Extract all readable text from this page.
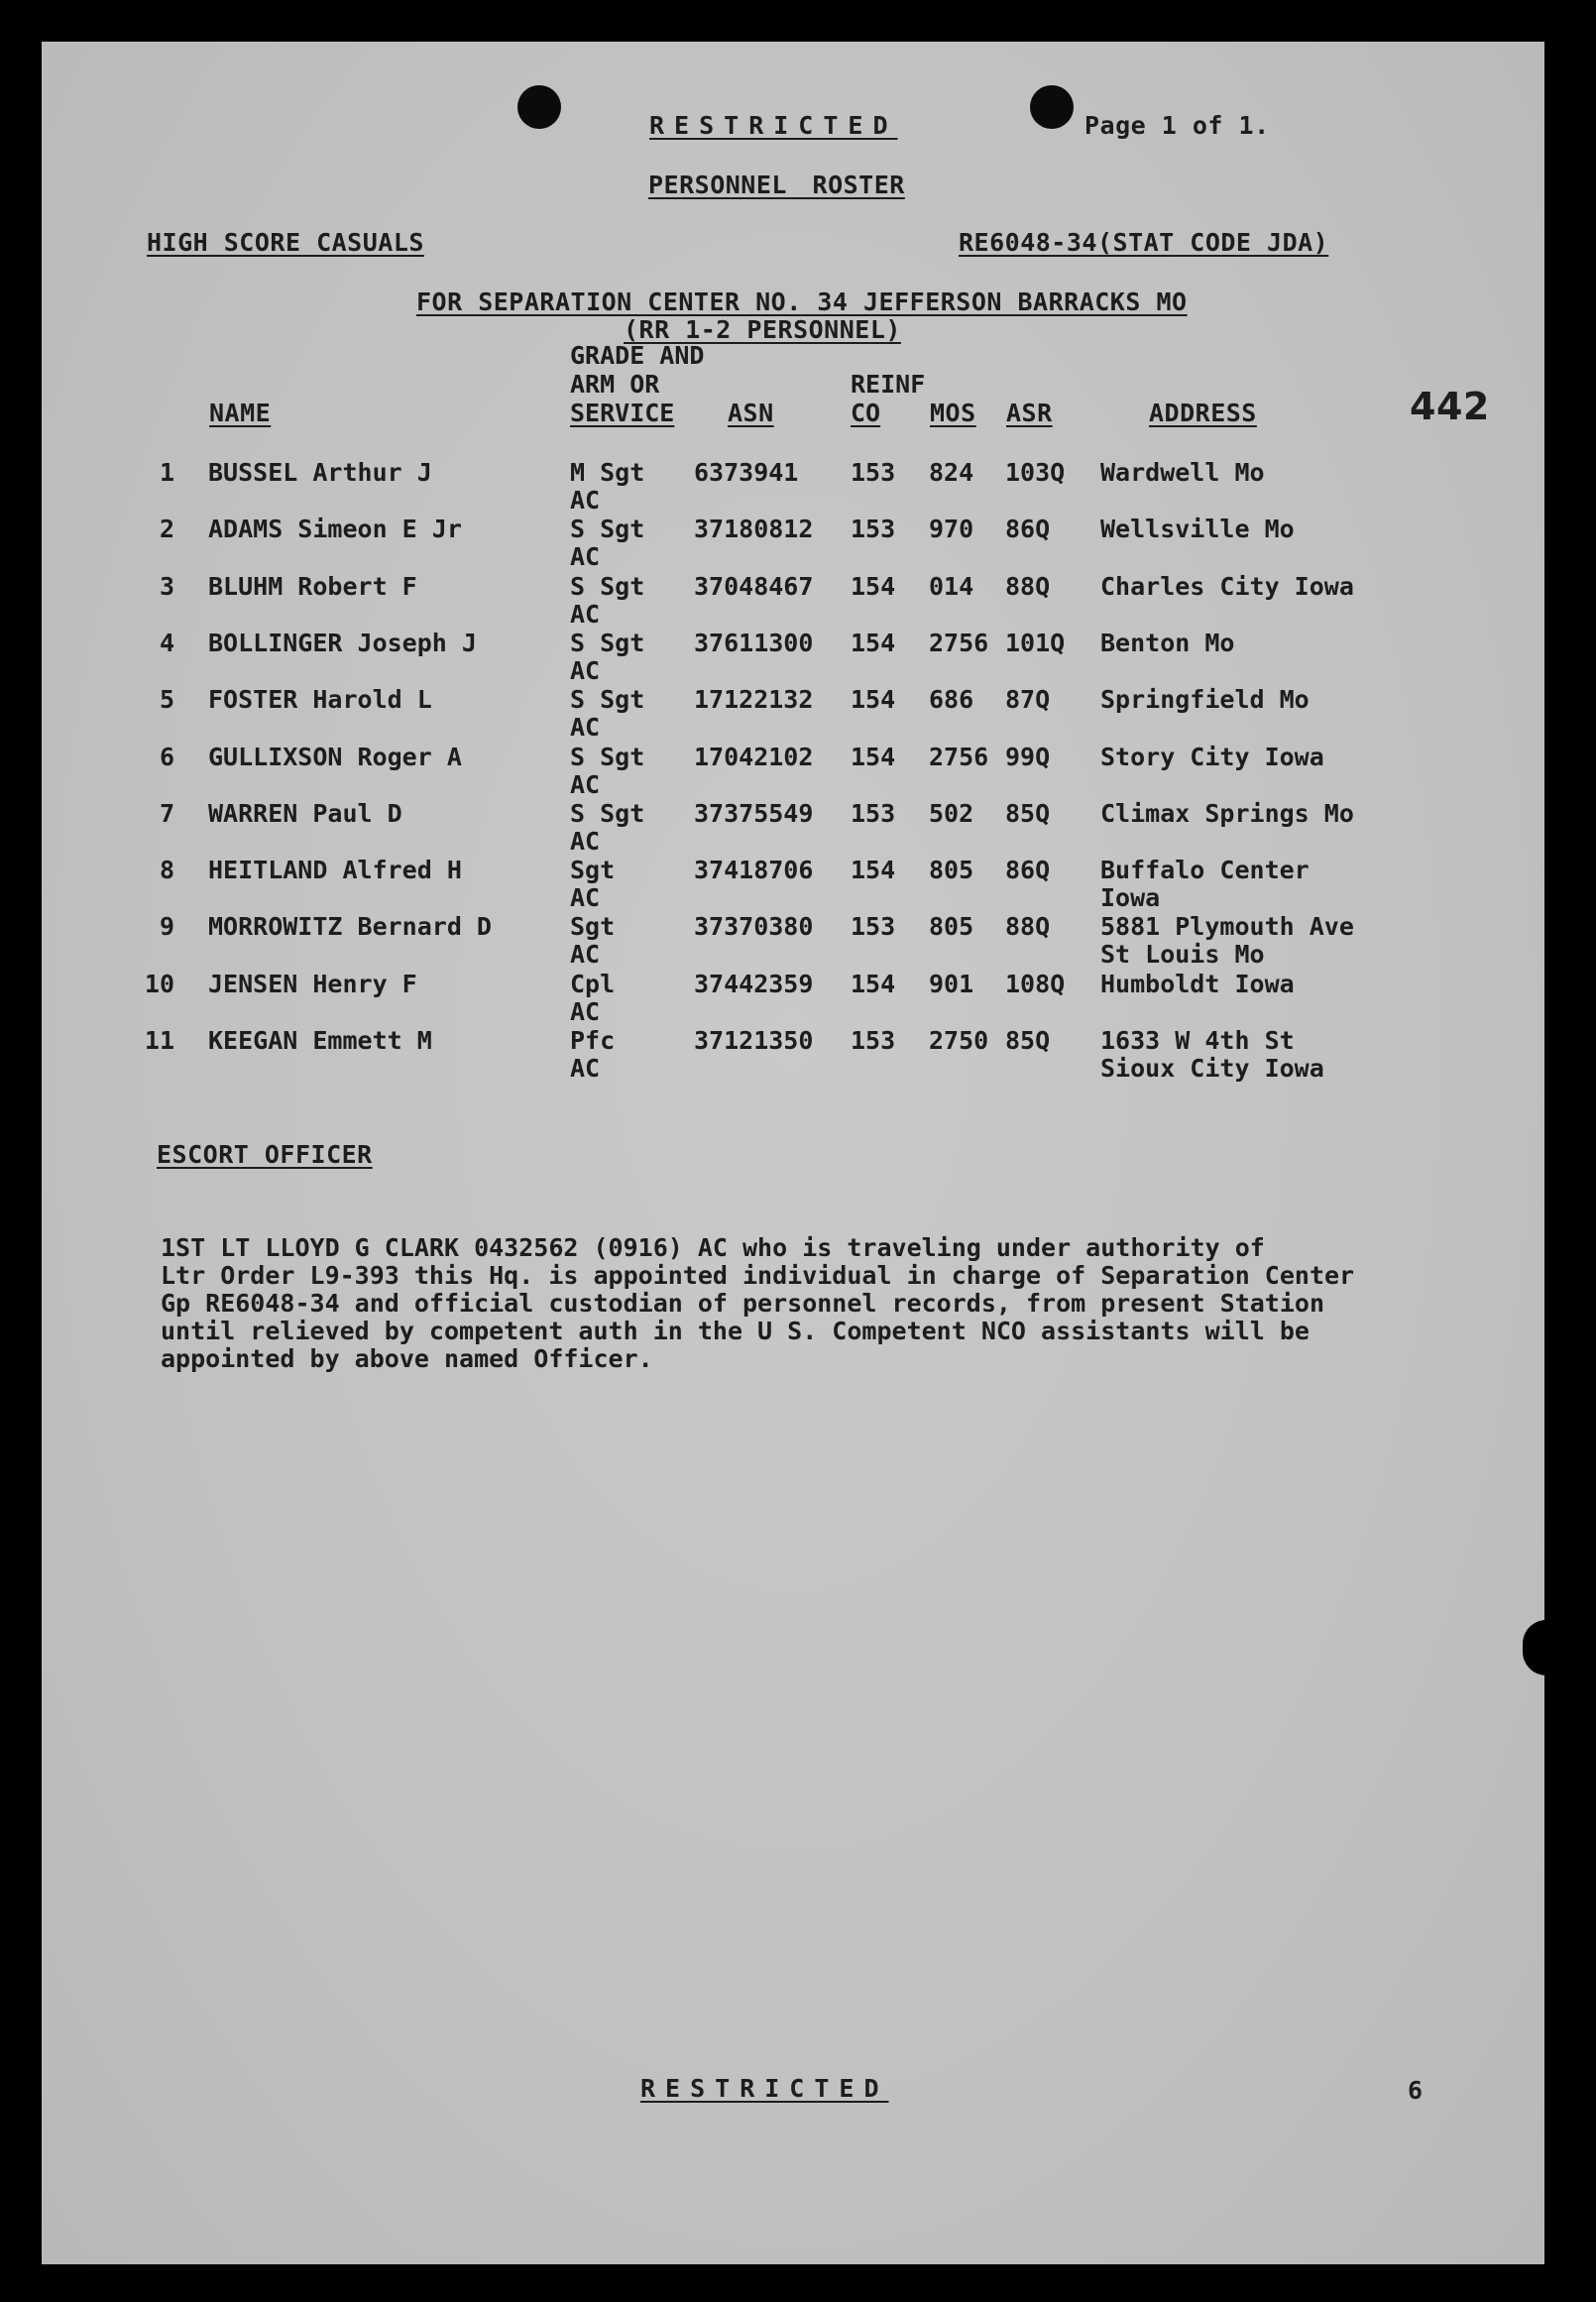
RESTRICTED	Page 1 of 1.
PERSONNEL ROSTER
HIGH SCORE CASUALS	RE6048-34(STAT CODE JDA)
FOR SEPARATION CENTER NO. 34 JEFFERSON BARRACKS MO
(RR 1-2 PERSONNEL)
442
NAME
GRADE AND
ARM OR
SERVICE	ASN
REINF
CO	MOS ASR	ADDRESS
1 BUSSEL Arthur J	M Sgt 6373941 153 824 103Q Wardwell Mo
AC
2 ADAMS Simeon E Jr	S Sgt 37180812 153 970 86Q Wellsville Mo
AC
3 BLUHM Robert F	S Sgt 37048467 154 014 88Q Charles City Iowa
AC
4 BOLLINGER Joseph J	S Sgt 37611300 154 2756 101Q Benton Mo
AC
5 FOSTER Harold L	S Sgt 17122132 154 686 87Q Springfield Mo
AC
6 GULLIXSON Roger A	S Sgt 17042102 154 2756 99Q Story City Iowa
AC
7 WARREN Paul D	S Sgt 37375549 153 502 85Q Climax Springs Mo
AC
8 HEITLAND Alfred H	Sgt	37418706 154 805 86Q Buffalo Center
AC	Iowa
9 MORROWITZ Bernard D	Sgt	37370380 153 805 88Q 5881 Plymouth Ave
AC	St Louis Mo
10 JENSEN Henry F	Cpl	37442359 154 901 108Q Humboldt Iowa
AC
11 KEEGAN Emmett M	Pfc	37121350 153 2750 85Q 1633 W 4th St
AC	Sioux City Iowa
ESCORT OFFICER
1ST LT LLOYD G CLARK 0432562 (0916) AC who is traveling under authority of
Ltr Order L9-393 this Hq. is appointed individual in charge of Separation Center
Gp RE6048-34 and official custodian of personnel records, from present Station
until relieved by competent auth in the U S. Competent NCO assistants will be
appointed by above named Officer.
RESTRICTED	6
